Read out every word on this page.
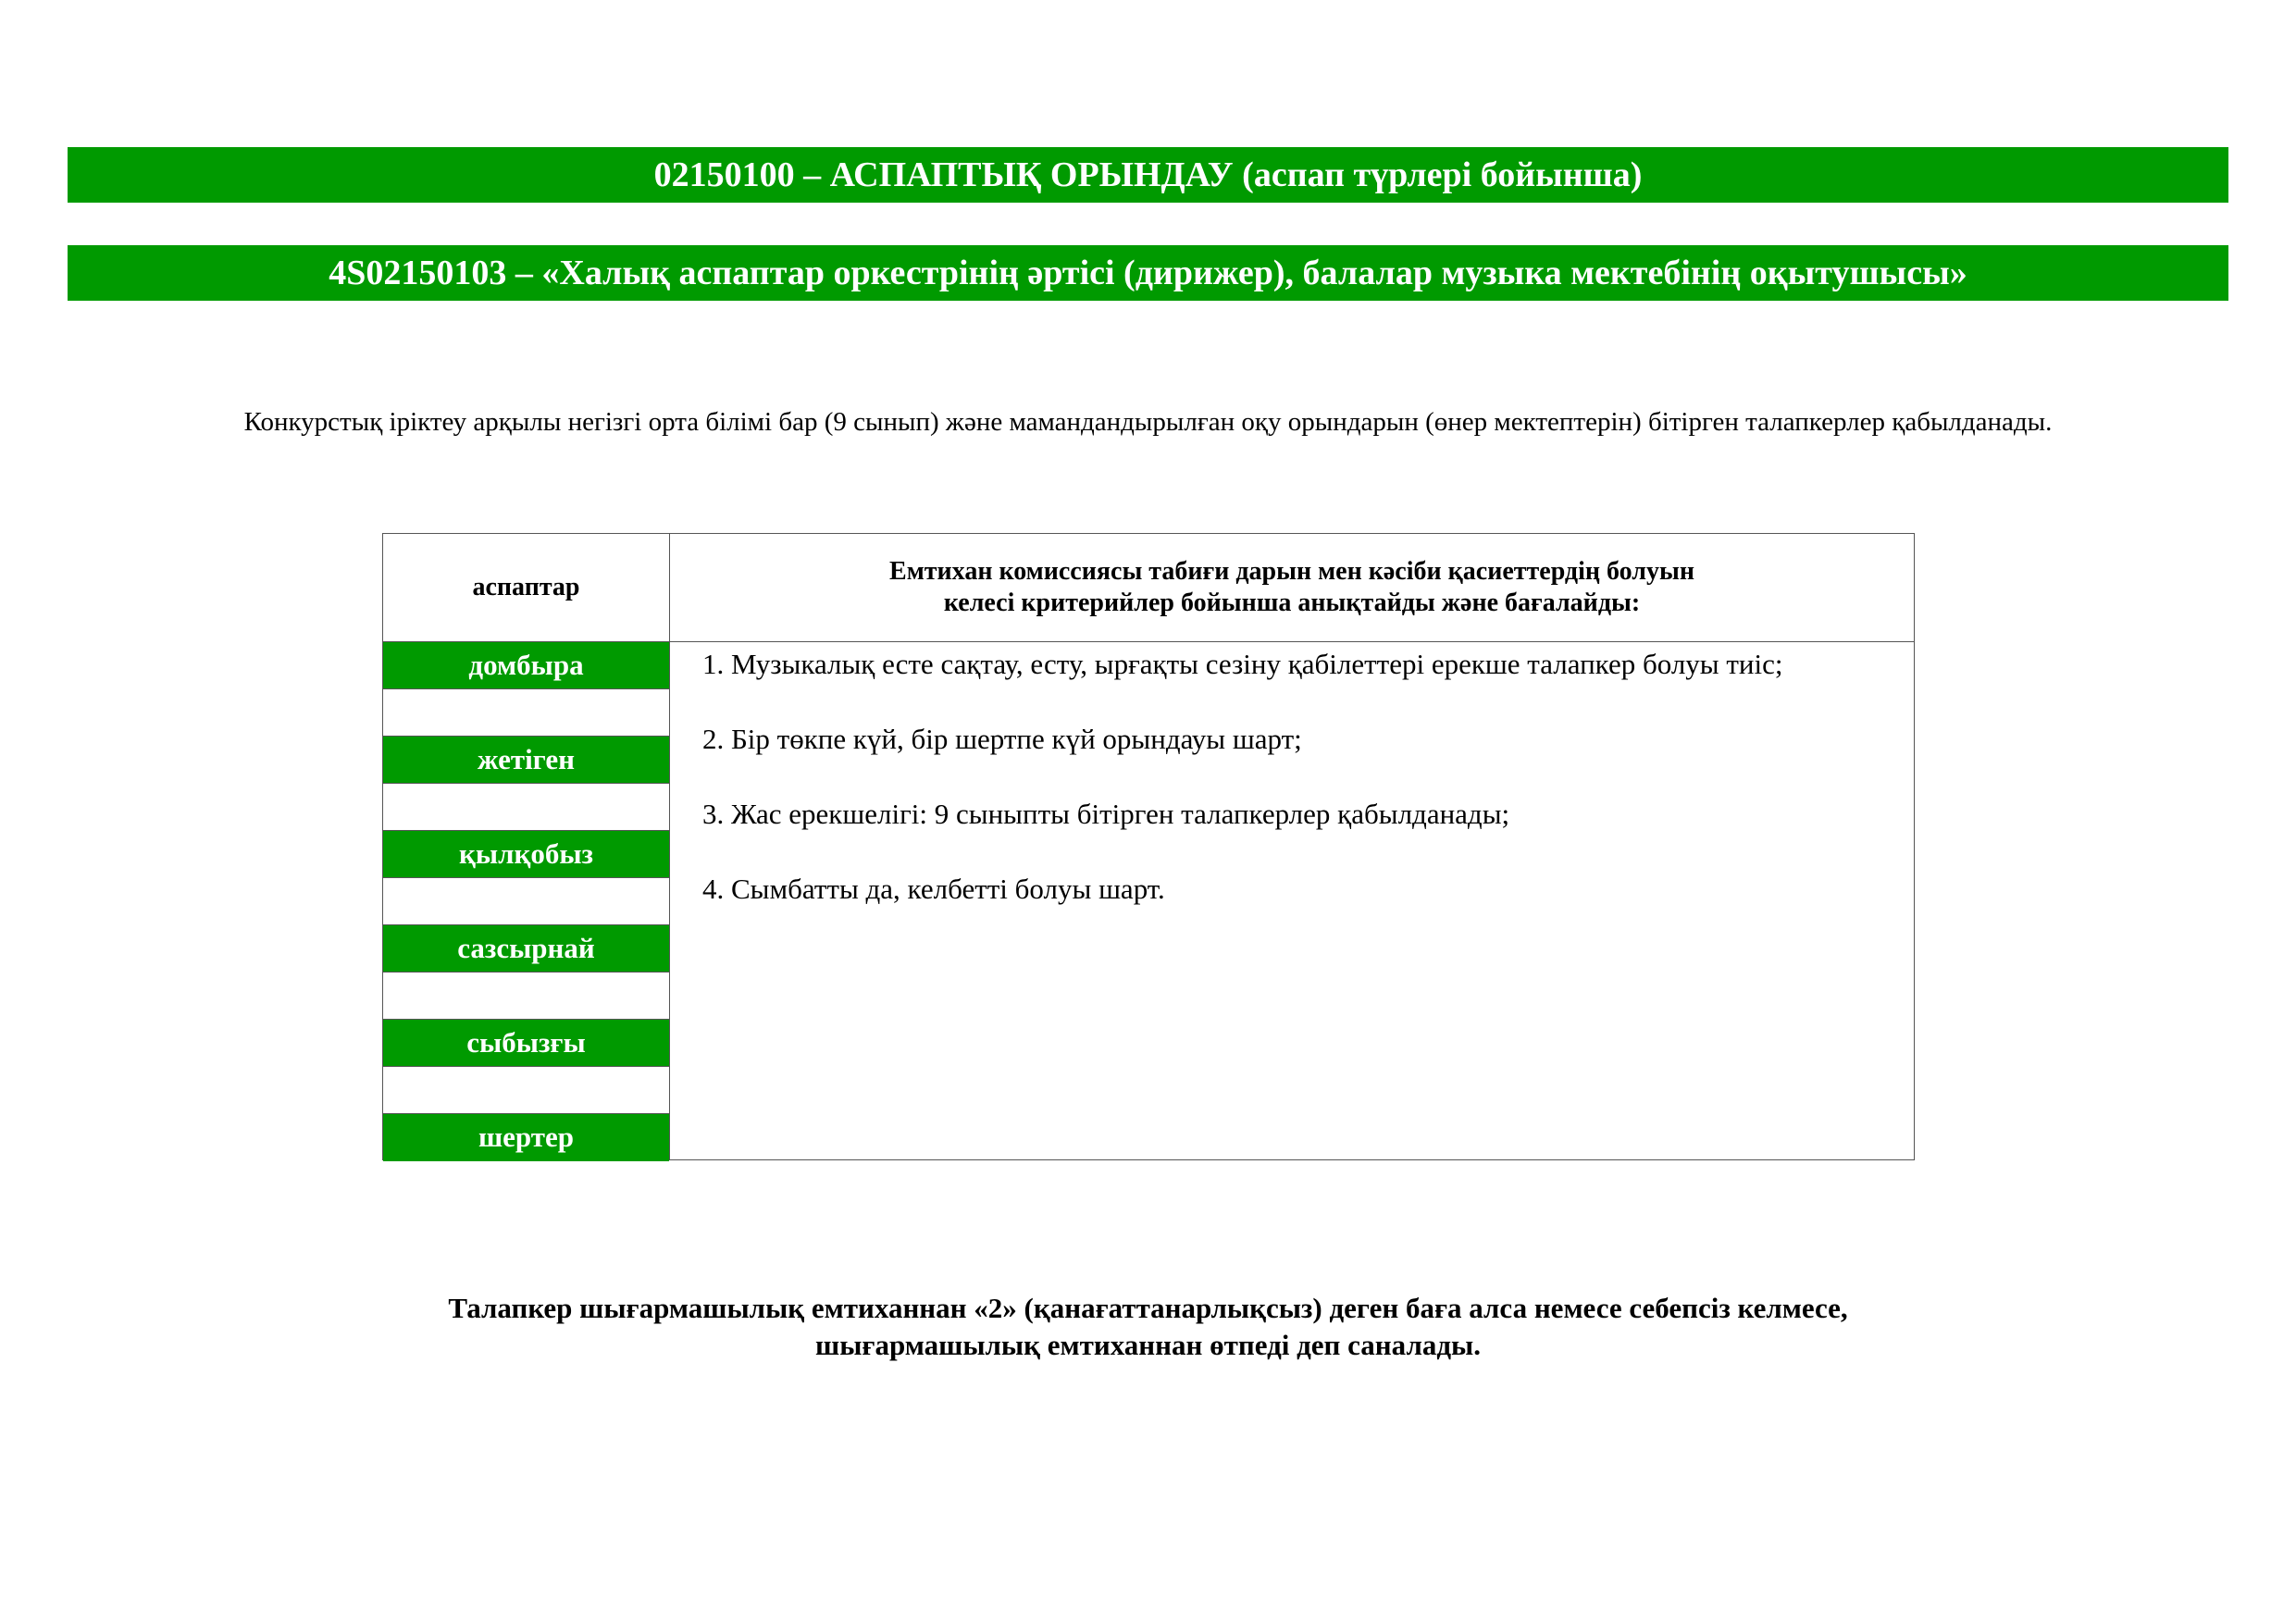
02150100 – АСПАПТЫҚ ОРЫНДАУ (аспап түрлері бойынша)
4S02150103 – «Халық аспаптар оркестрінің әртісі (дирижер), балалар музыка мектебінің оқытушысы»
Конкурстық іріктеу арқылы негізгі орта білімі бар (9 сынып) және мамандандырылған оқу орындарын (өнер мектептерін) бітірген талапкерлер қабылданады.
аспаптар
Емтихан комиссиясы табиғи дарын мен кәсіби қасиеттердің болуын
келесі критерийлер бойынша анықтайды және бағалайды:
домбыра
жетіген
қылқобыз
сазсырнай
сыбызғы
шертер
1. Музыкалық есте сақтау, есту, ырғақты сезіну қабілеттері ерекше талапкер болуы тиіс;
2. Бір төкпе күй, бір шертпе күй орындауы шарт;
3. Жас ерекшелігі: 9 сыныпты бітірген талапкерлер қабылданады;
4. Сымбатты да, келбетті болуы шарт.
Талапкер шығармашылық емтиханнан «2» (қанағаттанарлықсыз) деген баға алса немесе себепсіз келмесе,
шығармашылық емтиханнан өтпеді деп саналады.
